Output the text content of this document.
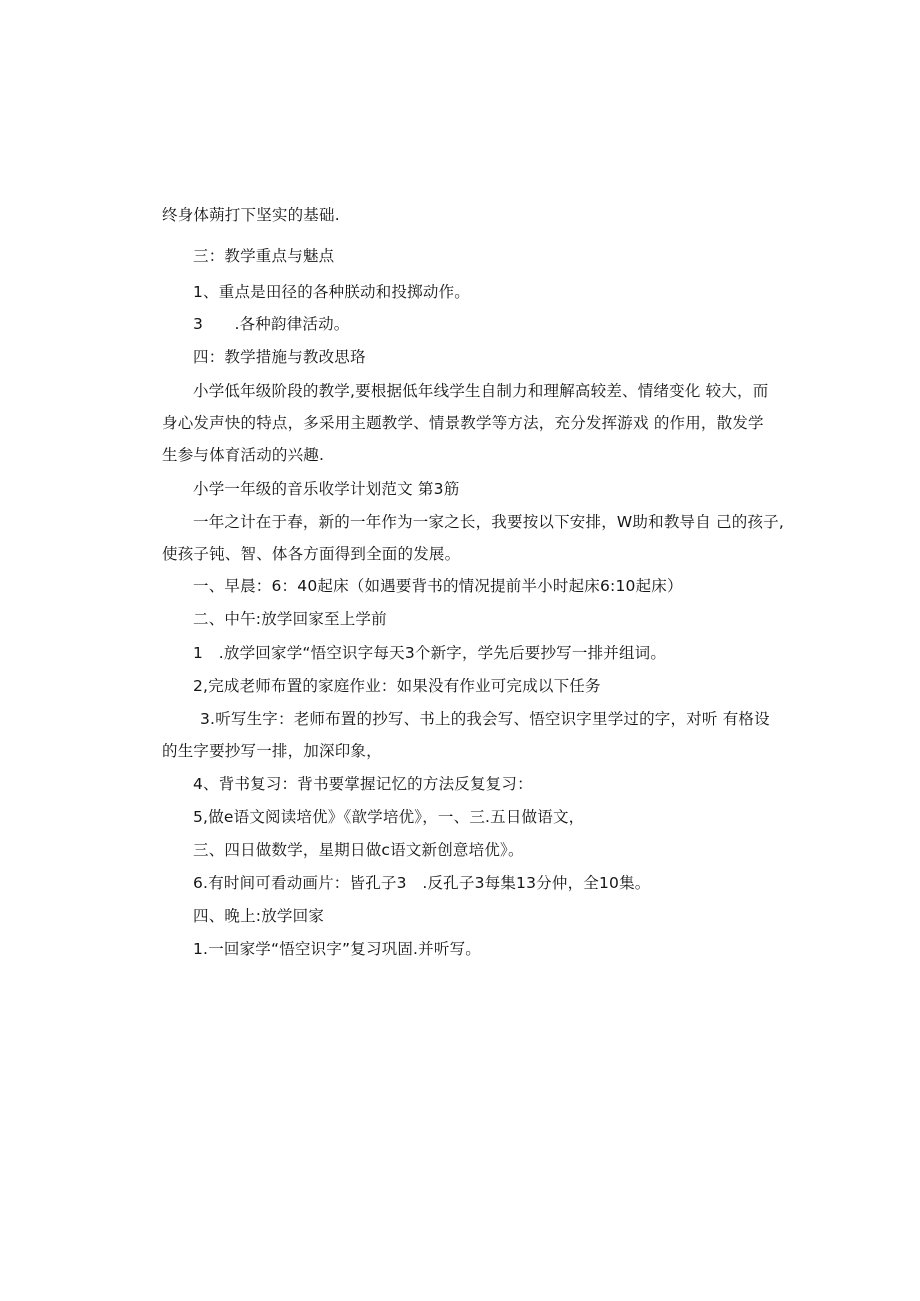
终身体蒴打下坚实的基础.
三：教学重点与魅点
1、重点是田径的各种朕动和投掷动作。
3　　.各种韵律活动。
四：教学措施与教改思珞
小学低年级阶段的教学,要根据低年线学生自制力和理解高较差、情绪变化 较大，而
身心发声快的特点，多采用主题教学、情景教学等方法，充分发挥游戏 的作用，散发学
生参与体育活动的兴趣.
小学一年级的音乐收学计划范文 第3筋
一年之计在于春，新的一年作为一家之长，我要按以下安排，W助和教导自 己的孩子,
使孩子钝、智、体各方面得到全面的发展。
一、早晨：6：40起床（如遇要背书的情况提前半小时起床6:10起床）
二、中午:放学回家至上学前
1　.放学回家学“悟空识字每天3个新字，学先后要抄写一排并组词。
2,完成老师布置的家庭作业：如果没有作业可完成以下任务
3.听写生字：老师布置的抄写、书上的我会写、悟空识字里学过的字，对听 有格设
的生字要抄写一排，加深印象，
4、背书复习：背书要掌握记忆的方法反复复习：
5,做e语文阅读培优》《歆学培优》，一、三.五日做语文，
三、四日做数学，星期日做c语文新创意培优》。
6.有时间可看动画片：皆孔子3　.反孔子3每集13分仲，全10集。
四、晚上:放学回家
1.一回家学“悟空识字”复习巩固.并听写。
